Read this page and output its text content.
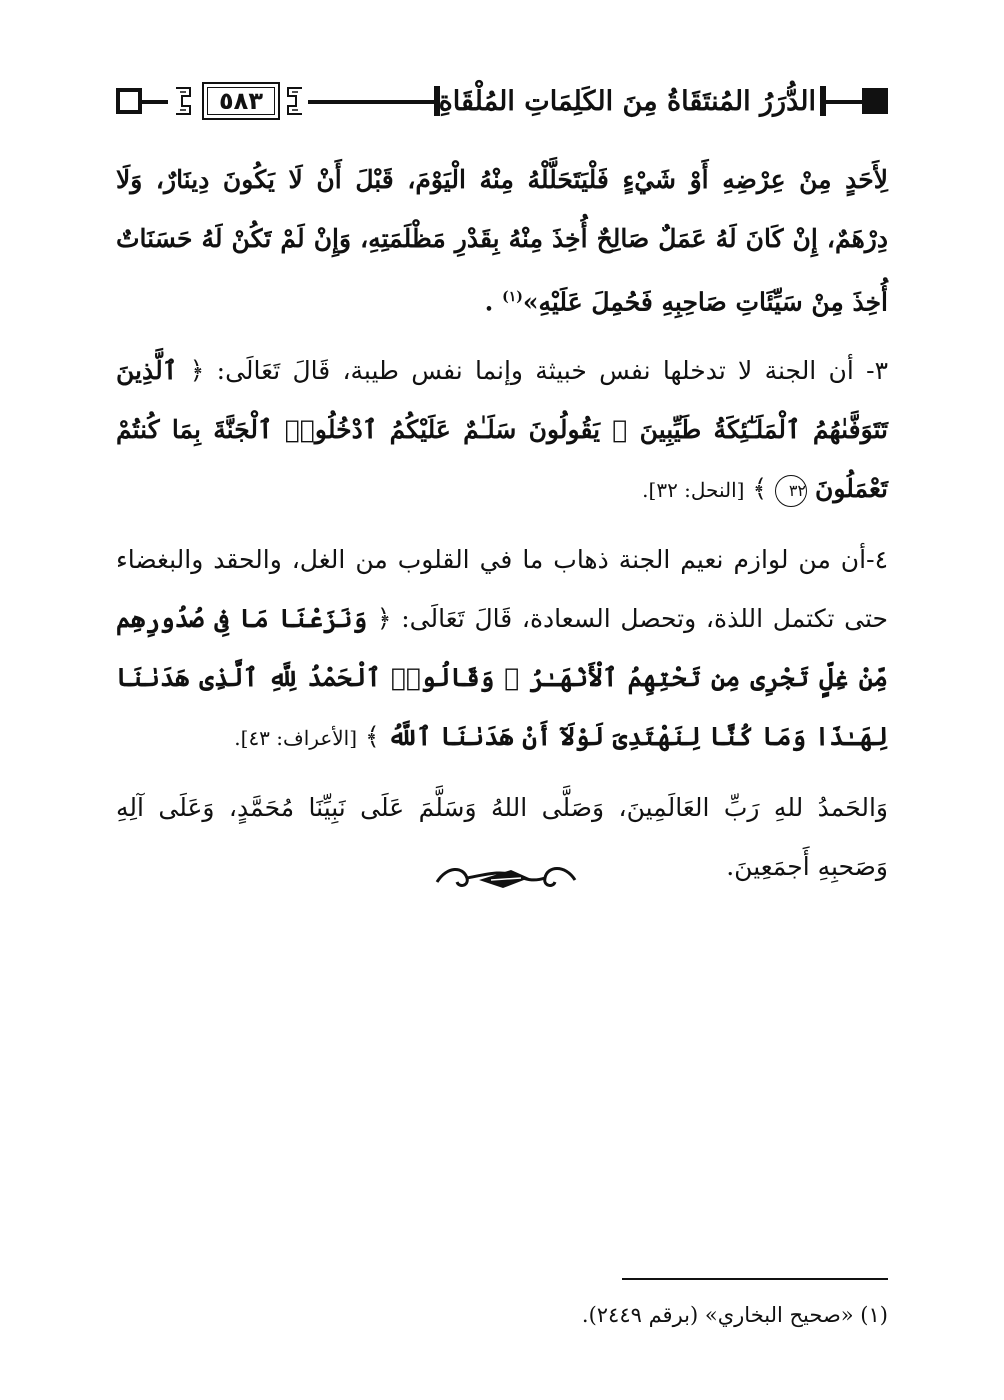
٥٨٣	الدُّرَرُ المُنتَقَاةُ مِنَ الكَلِمَاتِ المُلْقَاةِ

لِأَحَدٍ مِنْ عِرْضِهِ أَوْ شَيْءٍ فَلْيَتَحَلَّلْهُ مِنْهُ الْيَوْمَ، قَبْلَ أَنْ لَا يَكُونَ دِينَارٌ، وَلَا دِرْهَمٌ، إِنْ كَانَ لَهُ عَمَلٌ صَالِحٌ أُخِذَ مِنْهُ بِقَدْرِ مَظْلَمَتِهِ، وَإِنْ لَمْ تَكُنْ لَهُ حَسَنَاتٌ أُخِذَ مِنْ سَيِّئَاتِ صَاحِبِهِ فَحُمِلَ عَلَيْهِ»$^{(١)}$ .

٣- أن الجنة لا تدخلها نفس خبيثة وإنما نفس طيبة، قَالَ تَعَالَى: ﴿ ٱلَّذِينَ تَتَوَفَّىٰهُمُ ٱلْمَلَـٰٓئِكَةُ طَيِّبِينَ ۙ يَقُولُونَ سَلَـٰمٌ عَلَيْكُمُ ٱدْخُلُوا۟ ٱلْجَنَّةَ بِمَا كُنتُمْ تَعْمَلُونَ ٣٢ ﴾ [النحل: ٣٢].

٤-أن من لوازم نعيم الجنة ذهاب ما في القلوب من الغل، والحقد والبغضاء حتى تكتمل اللذة، وتحصل السعادة، قَالَ تَعَالَى: ﴿ وَنَزَعْنَا مَا فِى صُدُورِهِم مِّنْ غِلٍّ تَجْرِى مِن تَحْتِهِمُ ٱلْأَنْهَـٰرُ ۖ وَقَالُوا۟ ٱلْحَمْدُ لِلَّهِ ٱلَّذِى هَدَىٰنَا لِهَـٰذَا وَمَا كُنَّا لِنَهْتَدِىَ لَوْلَآ أَنْ هَدَىٰنَا ٱللَّهُ ﴾ [الأعراف: ٤٣].

وَالحَمدُ للهِ رَبِّ العَالَمِينَ، وَصَلَّى اللهُ وَسَلَّمَ عَلَى نَبِيِّنَا مُحَمَّدٍ، وَعَلَى آلِهِ وَصَحبِهِ أَجمَعِينَ.

(١) «صحيح البخاري» (برقم ٢٤٤٩).
